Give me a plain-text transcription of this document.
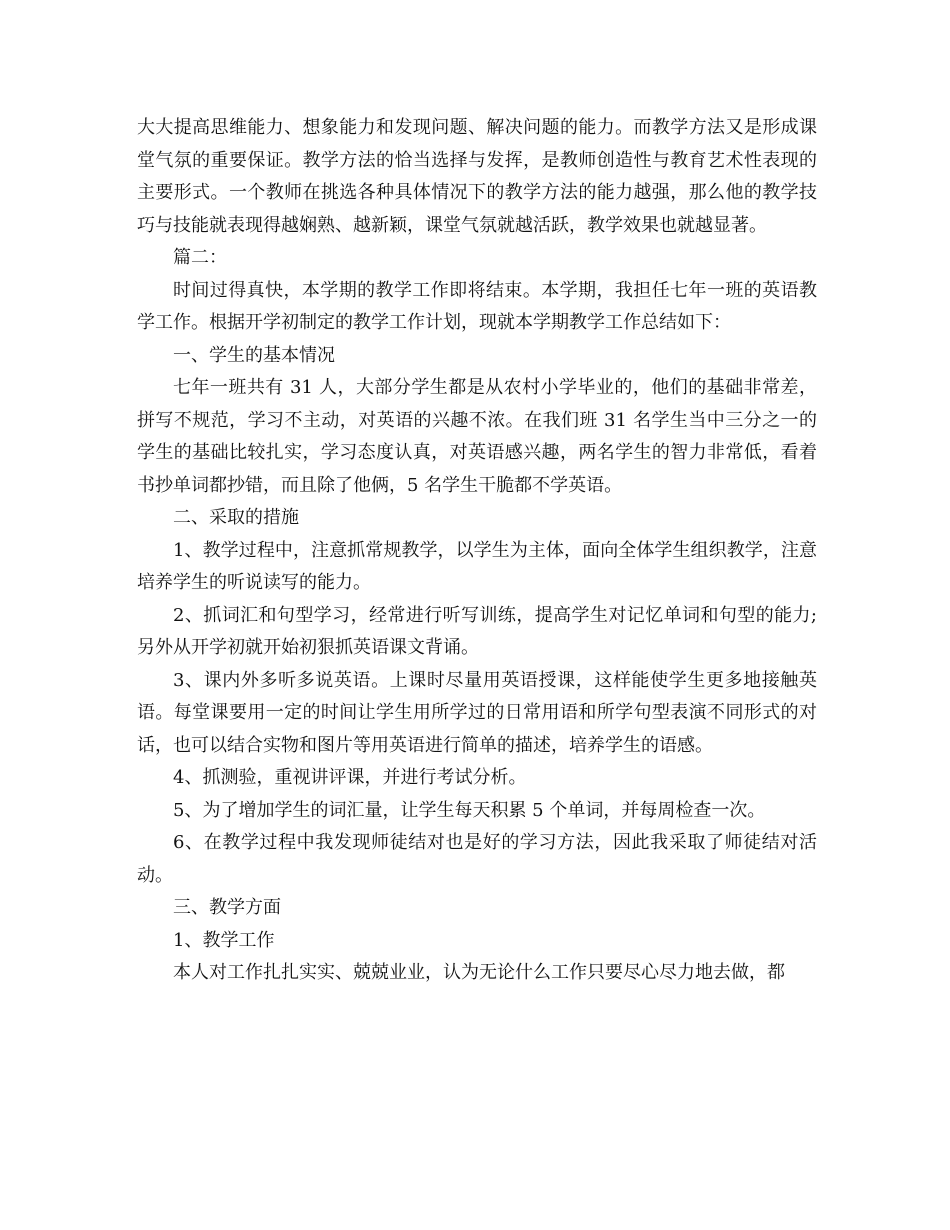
大大提高思维能力、想象能力和发现问题、解决问题的能力。而教学方法又是形成课堂气氛的重要保证。教学方法的恰当选择与发挥，是教师创造性与教育艺术性表现的主要形式。一个教师在挑选各种具体情况下的教学方法的能力越强，那么他的教学技巧与技能就表现得越娴熟、越新颖，课堂气氛就越活跃，教学效果也就越显著。

篇二：

时间过得真快，本学期的教学工作即将结束。本学期，我担任七年一班的英语教学工作。根据开学初制定的教学工作计划，现就本学期教学工作总结如下：

一、学生的基本情况

七年一班共有 31 人，大部分学生都是从农村小学毕业的，他们的基础非常差，拼写不规范，学习不主动，对英语的兴趣不浓。在我们班 31 名学生当中三分之一的学生的基础比较扎实，学习态度认真，对英语感兴趣，两名学生的智力非常低，看着书抄单词都抄错，而且除了他俩，5 名学生干脆都不学英语。

二、采取的措施

1、教学过程中，注意抓常规教学，以学生为主体，面向全体学生组织教学，注意培养学生的听说读写的能力。

2、抓词汇和句型学习，经常进行听写训练，提高学生对记忆单词和句型的能力;另外从开学初就开始初狠抓英语课文背诵。

3、课内外多听多说英语。上课时尽量用英语授课，这样能使学生更多地接触英语。每堂课要用一定的时间让学生用所学过的日常用语和所学句型表演不同形式的对话，也可以结合实物和图片等用英语进行简单的描述，培养学生的语感。

4、抓测验，重视讲评课，并进行考试分析。

5、为了增加学生的词汇量，让学生每天积累 5 个单词，并每周检查一次。

6、在教学过程中我发现师徒结对也是好的学习方法，因此我采取了师徒结对活动。

三、教学方面

1、教学工作

本人对工作扎扎实实、兢兢业业，认为无论什么工作只要尽心尽力地去做，都
